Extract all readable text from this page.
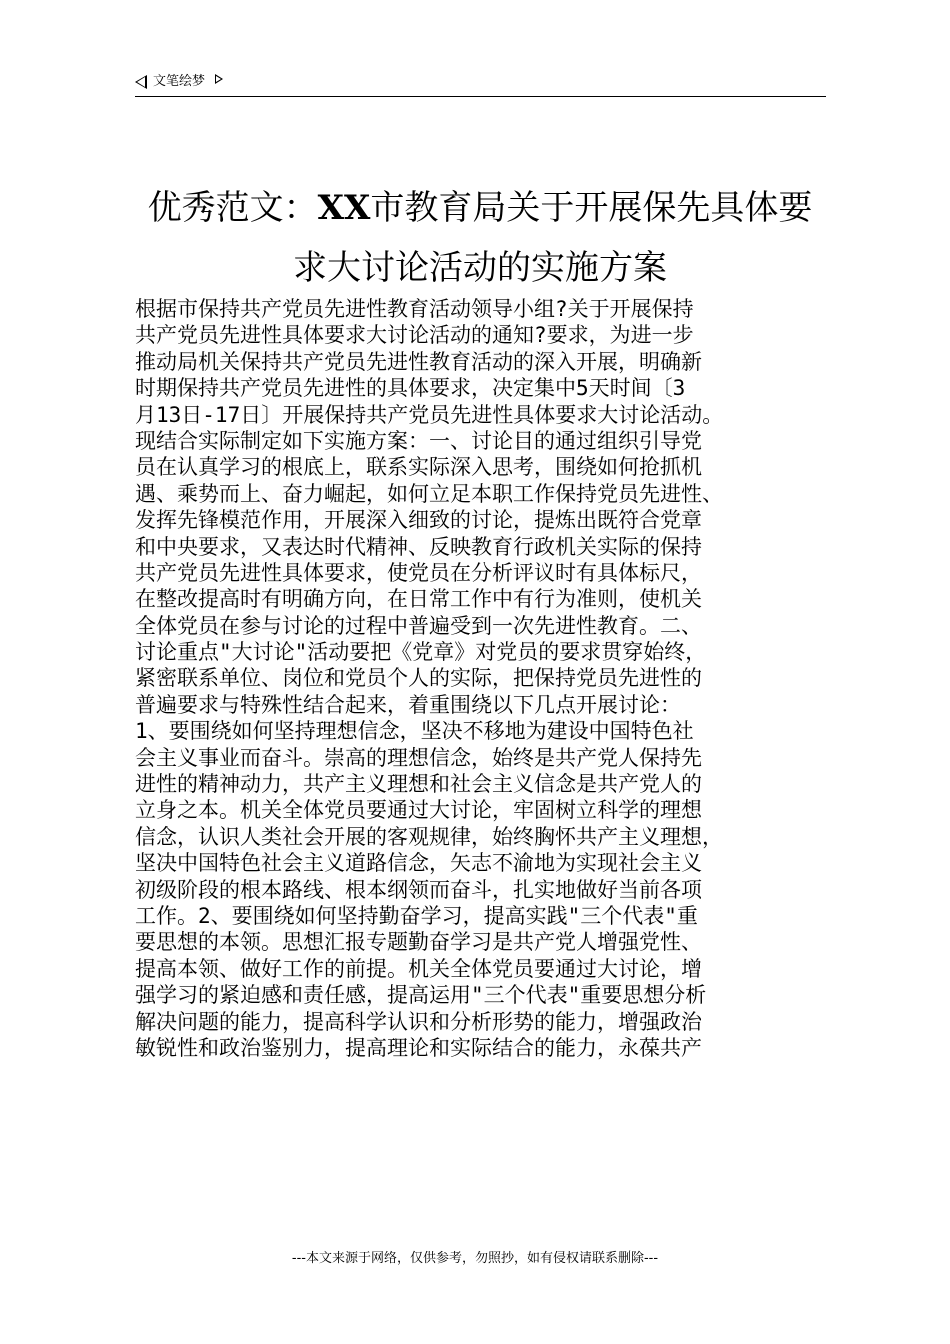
文笔绘梦
优秀范文：XX市教育局关于开展保先具体要
求大讨论活动的实施方案
根据市保持共产党员先进性教育活动领导小组?关于开展保持
共产党员先进性具体要求大讨论活动的通知?要求，为进一步
推动局机关保持共产党员先进性教育活动的深入开展，明确新
时期保持共产党员先进性的具体要求，决定集中5天时间〔3
月13日-17日〕开展保持共产党员先进性具体要求大讨论活动。
现结合实际制定如下实施方案：一、讨论目的通过组织引导党
员在认真学习的根底上，联系实际深入思考，围绕如何抢抓机
遇、乘势而上、奋力崛起，如何立足本职工作保持党员先进性、
发挥先锋模范作用，开展深入细致的讨论，提炼出既符合党章
和中央要求，又表达时代精神、反映教育行政机关实际的保持
共产党员先进性具体要求，使党员在分析评议时有具体标尺，
在整改提高时有明确方向，在日常工作中有行为准则，使机关
全体党员在参与讨论的过程中普遍受到一次先进性教育。二、
讨论重点"大讨论"活动要把《党章》对党员的要求贯穿始终，
紧密联系单位、岗位和党员个人的实际，把保持党员先进性的
普遍要求与特殊性结合起来，着重围绕以下几点开展讨论：
1、要围绕如何坚持理想信念，坚决不移地为建设中国特色社
会主义事业而奋斗。崇高的理想信念，始终是共产党人保持先
进性的精神动力，共产主义理想和社会主义信念是共产党人的
立身之本。机关全体党员要通过大讨论，牢固树立科学的理想
信念，认识人类社会开展的客观规律，始终胸怀共产主义理想，
坚决中国特色社会主义道路信念，矢志不渝地为实现社会主义
初级阶段的根本路线、根本纲领而奋斗，扎实地做好当前各项
工作。2、要围绕如何坚持勤奋学习，提高实践"三个代表"重
要思想的本领。思想汇报专题勤奋学习是共产党人增强党性、
提高本领、做好工作的前提。机关全体党员要通过大讨论，增
强学习的紧迫感和责任感，提高运用"三个代表"重要思想分析
解决问题的能力，提高科学认识和分析形势的能力，增强政治
敏锐性和政治鉴别力，提高理论和实际结合的能力，永葆共产
---本文来源于网络，仅供参考，勿照抄，如有侵权请联系删除---
